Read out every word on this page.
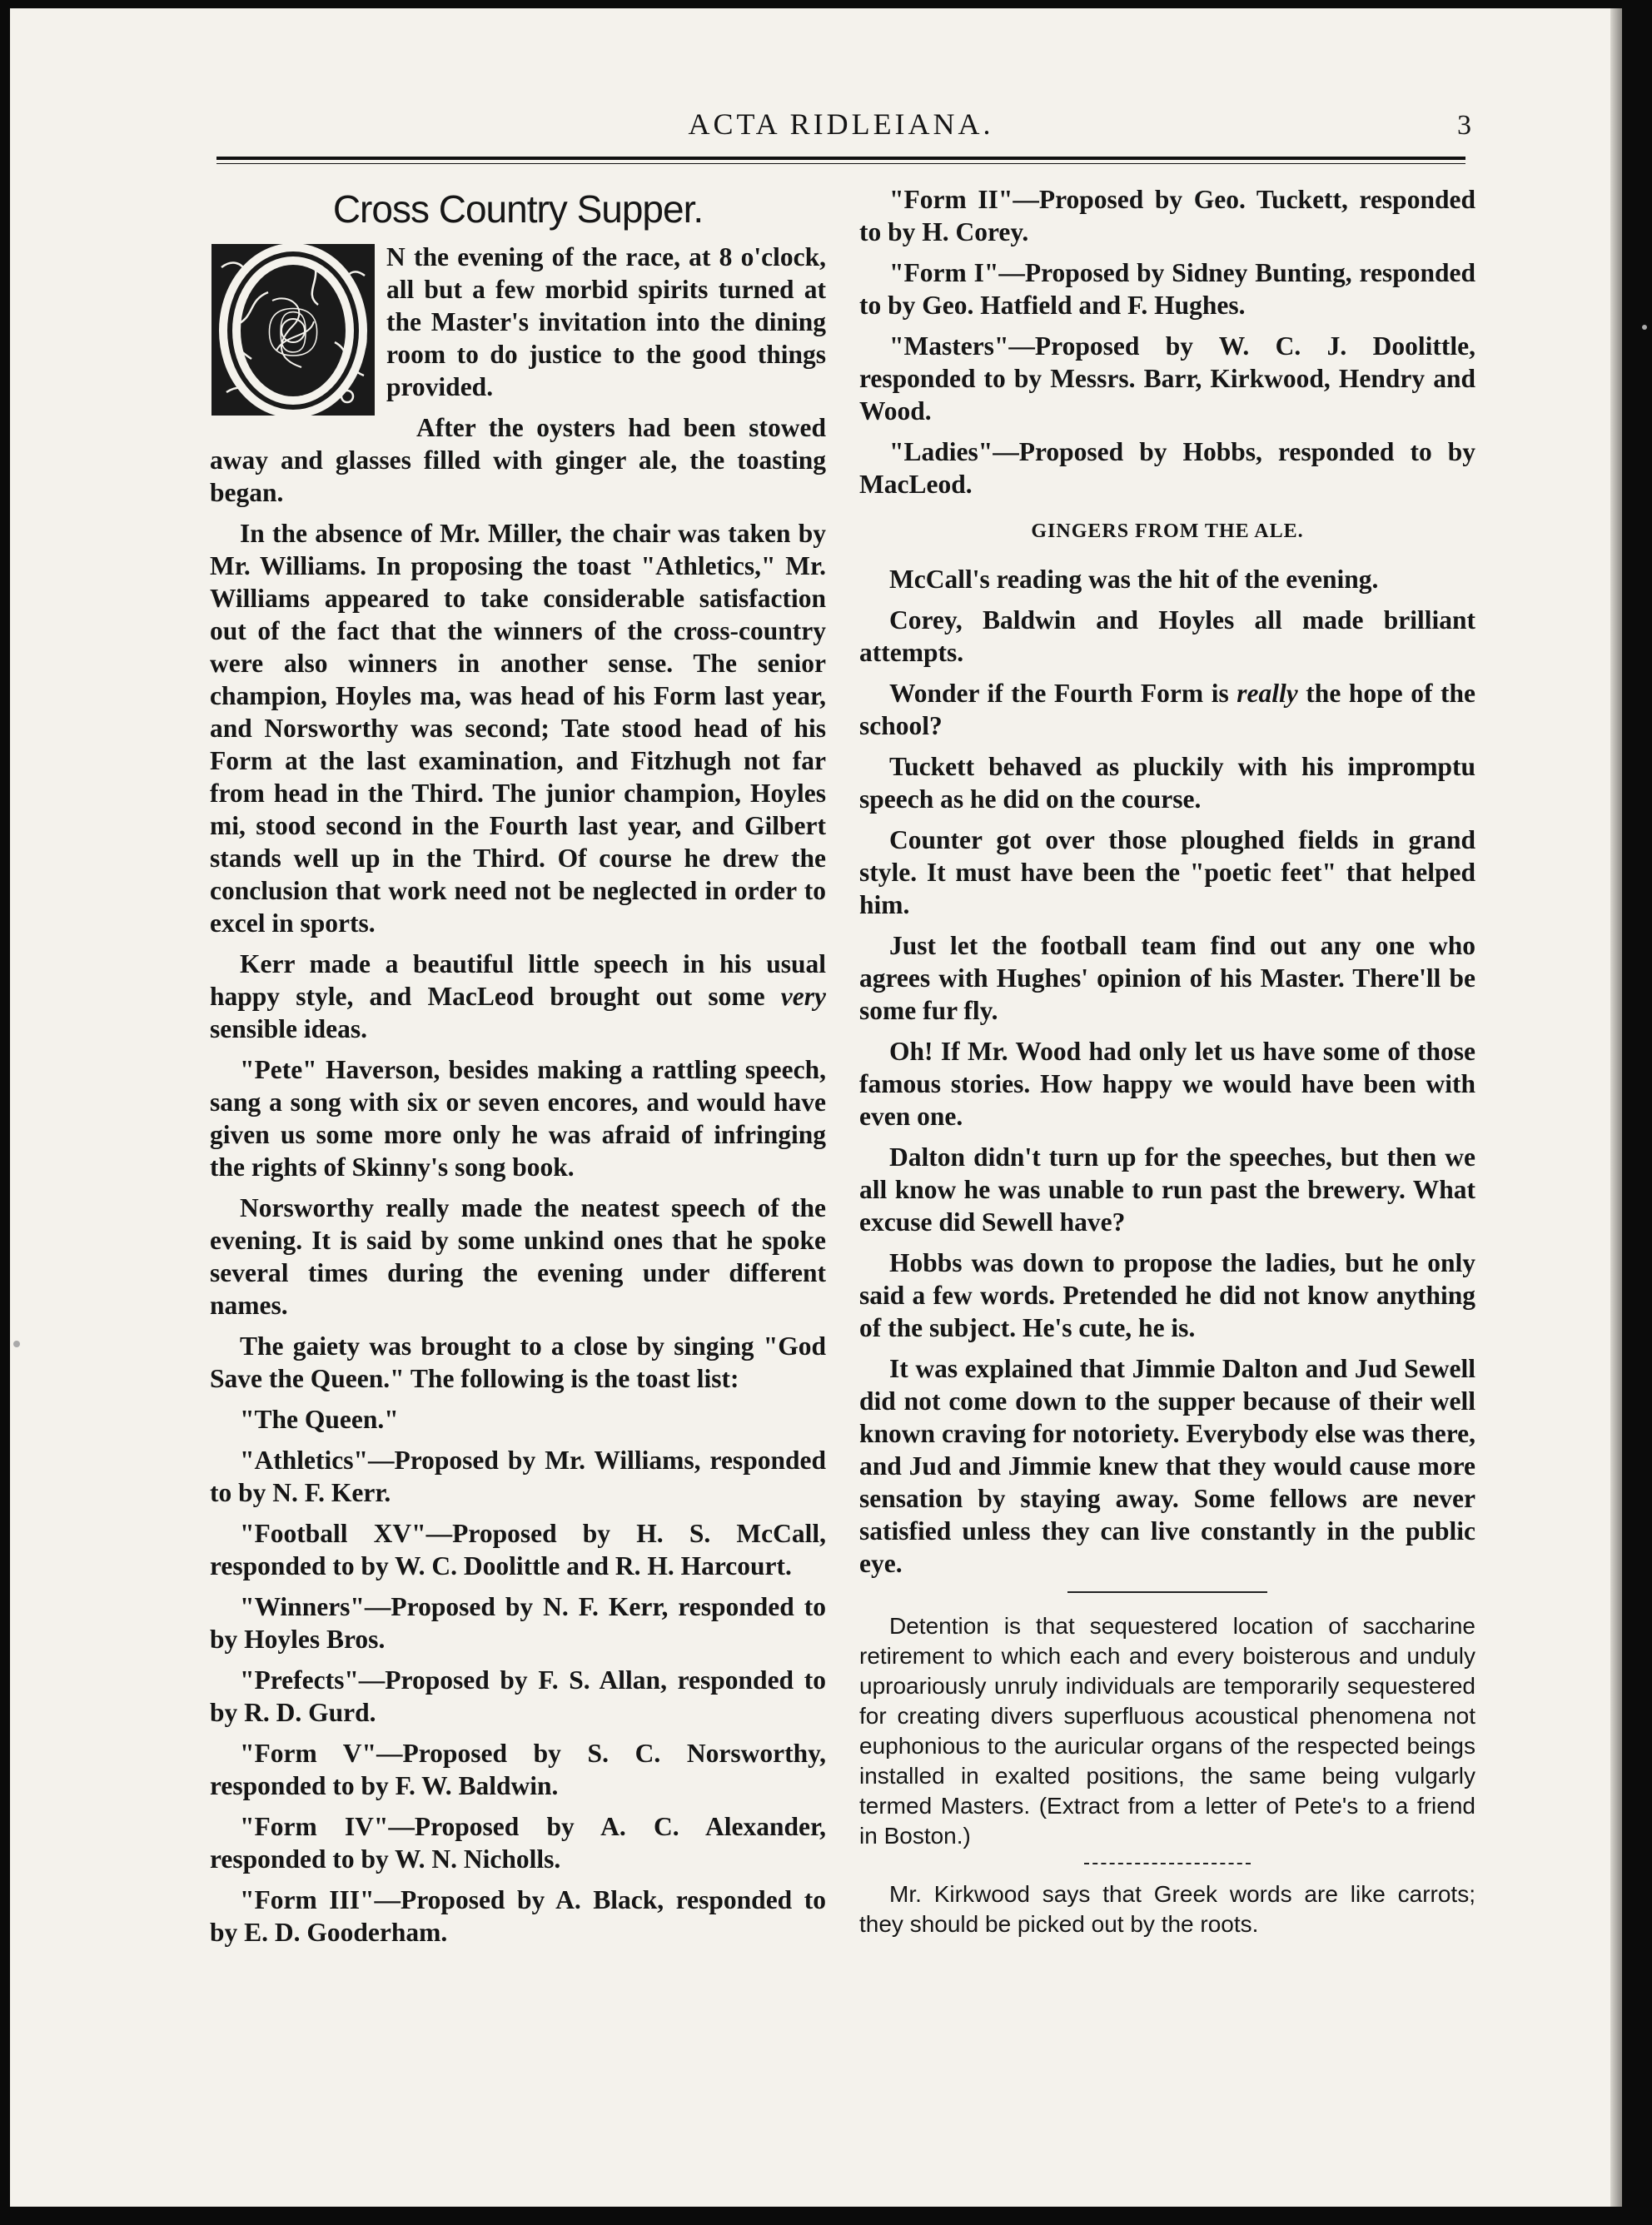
ACTA RIDLEIANA.	3
Cross Country Supper.
O

N the evening of the race, at 8 o'clock, all but a few morbid spirits turned at the Master's invitation into the dining room to do justice to the good things provided.

After the oysters had been stowed away and glasses filled with ginger ale, the toasting began.

In the absence of Mr. Miller, the chair was taken by Mr. Williams. In proposing the toast "Athletics," Mr. Williams appeared to take considerable satisfaction out of the fact that the winners of the cross-country were also winners in another sense. The senior champion, Hoyles ma, was head of his Form last year, and Norsworthy was second; Tate stood head of his Form at the last examination, and Fitzhugh not far from head in the Third. The junior champion, Hoyles mi, stood second in the Fourth last year, and Gilbert stands well up in the Third. Of course he drew the conclusion that work need not be neglected in order to excel in sports.

Kerr made a beautiful little speech in his usual happy style, and MacLeod brought out some very sensible ideas.

"Pete" Haverson, besides making a rattling speech, sang a song with six or seven encores, and would have given us some more only he was afraid of infringing the rights of Skinny's song book.

Norsworthy really made the neatest speech of the evening. It is said by some unkind ones that he spoke several times during the evening under different names.

The gaiety was brought to a close by singing "God Save the Queen." The following is the toast list:

"The Queen."

"Athletics"—Proposed by Mr. Williams, responded to by N. F. Kerr.

"Football XV"—Proposed by H. S. McCall, responded to by W. C. Doolittle and R. H. Harcourt.

"Winners"—Proposed by N. F. Kerr, responded to by Hoyles Bros.

"Prefects"—Proposed by F. S. Allan, responded to by R. D. Gurd.

"Form V"—Proposed by S. C. Norsworthy, responded to by F. W. Baldwin.

"Form IV"—Proposed by A. C. Alexander, responded to by W. N. Nicholls.

"Form III"—Proposed by A. Black, responded to by E. D. Gooderham.

"Form II"—Proposed by Geo. Tuckett, responded to by H. Corey.

"Form I"—Proposed by Sidney Bunting, responded to by Geo. Hatfield and F. Hughes.

"Masters"—Proposed by W. C. J. Doolittle, responded to by Messrs. Barr, Kirkwood, Hendry and Wood.

"Ladies"—Proposed by Hobbs, responded to by MacLeod.

GINGERS FROM THE ALE.

McCall's reading was the hit of the evening.

Corey, Baldwin and Hoyles all made brilliant attempts.

Wonder if the Fourth Form is really the hope of the school?

Tuckett behaved as pluckily with his impromptu speech as he did on the course.

Counter got over those ploughed fields in grand style. It must have been the "poetic feet" that helped him.

Just let the football team find out any one who agrees with Hughes' opinion of his Master. There'll be some fur fly.

Oh! If Mr. Wood had only let us have some of those famous stories. How happy we would have been with even one.

Dalton didn't turn up for the speeches, but then we all know he was unable to run past the brewery. What excuse did Sewell have?

Hobbs was down to propose the ladies, but he only said a few words. Pretended he did not know anything of the subject. He's cute, he is.

It was explained that Jimmie Dalton and Jud Sewell did not come down to the supper because of their well known craving for notoriety. Everybody else was there, and Jud and Jimmie knew that they would cause more sensation by staying away. Some fellows are never satisfied unless they can live constantly in the public eye.

Detention is that sequestered location of saccharine retirement to which each and every boisterous and unduly uproariously unruly individuals are temporarily sequestered for creating divers superfluous acoustical phenomena not euphonious to the auricular organs of the respected beings installed in exalted positions, the same being vulgarly termed Masters. (Extract from a letter of Pete's to a friend in Boston.)

Mr. Kirkwood says that Greek words are like carrots; they should be picked out by the roots.
